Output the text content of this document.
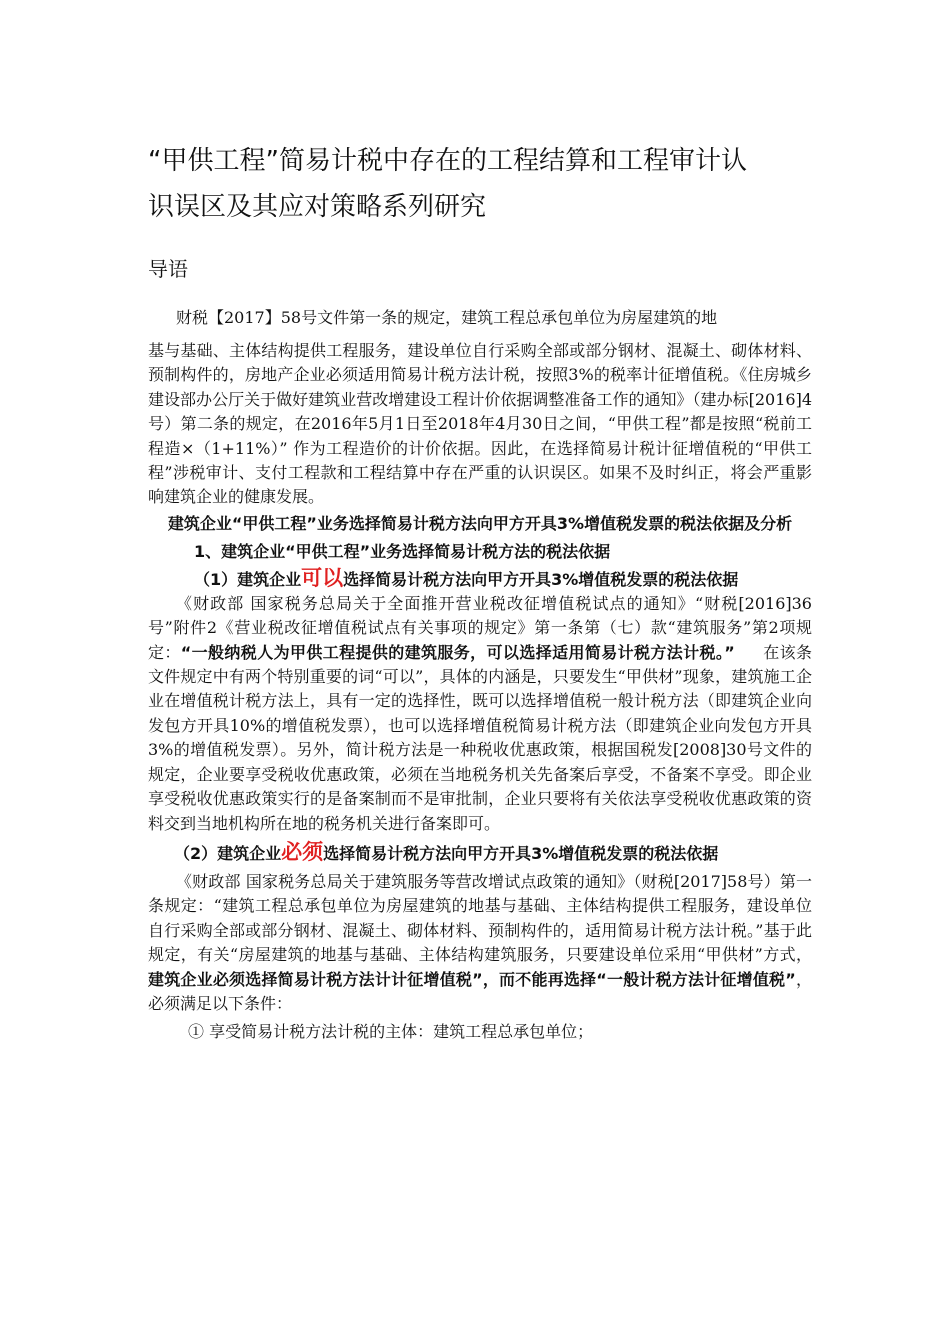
“甲供工程”简易计税中存在的工程结算和工程审计认
识误区及其应对策略系列研究
导语

财税【2017】58号文件第一条的规定，建筑工程总承包单位为房屋建筑的地
基与基础、主体结构提供工程服务，建设单位自行采购全部或部分钢材、混凝土、砌体材料、预制构件的，房地产企业必须适用简易计税方法计税，按照3%的税率计征增值税。《住房城乡建设部办公厅关于做好建筑业营改增建设工程计价依据调整准备工作的通知》（建办标[2016]4号）第二条的规定，在2016年5月1日至2018年4月30日之间，“甲供工程”都是按照“税前工程造×（1+11%）” 作为工程造价的计价依据。因此，在选择简易计税计征增值税的“甲供工程”涉税审计、支付工程款和工程结算中存在严重的认识误区。如果不及时纠正，将会严重影响建筑企业的健康发展。

建筑企业“甲供工程”业务选择简易计税方法向甲方开具3%增值税发票的税法依据及分析

1、建筑企业“甲供工程”业务选择简易计税方法的税法依据

（1）建筑企业可以选择简易计税方法向甲方开具3%增值税发票的税法依据

《财政部 国家税务总局关于全面推开营业税改征增值税试点的通知》“财税[2016]36号”附件2《营业税改征增值税试点有关事项的规定》第一条第（七）款“建筑服务”第2项规定：“一般纳税人为甲供工程提供的建筑服务，可以选择适用简易计税方法计税。” 在该条文件规定中有两个特别重要的词“可以”，具体的内涵是，只要发生“甲供材”现象，建筑施工企业在增值税计税方法上，具有一定的选择性，既可以选择增值税一般计税方法（即建筑企业向发包方开具10%的增值税发票），也可以选择增值税简易计税方法（即建筑企业向发包方开具3%的增值税发票）。另外，简计税方法是一种税收优惠政策，根据国税发[2008]30号文件的规定，企业要享受税收优惠政策，必须在当地税务机关先备案后享受，不备案不享受。即企业享受税收优惠政策实行的是备案制而不是审批制，企业只要将有关依法享受税收优惠政策的资料交到当地机构所在地的税务机关进行备案即可。

（2）建筑企业必须选择简易计税方法向甲方开具3%增值税发票的税法依据

《财政部 国家税务总局关于建筑服务等营改增试点政策的通知》（财税[2017]58号）第一条规定：“建筑工程总承包单位为房屋建筑的地基与基础、主体结构提供工程服务，建设单位自行采购全部或部分钢材、混凝土、砌体材料、预制构件的，适用简易计税方法计税。”基于此规定，有关“房屋建筑的地基与基础、主体结构建筑服务，只要建设单位采用“甲供材”方式，建筑企业必须选择简易计税方法计计征增值税”，而不能再选择“一般计税方法计征增值税”，必须满足以下条件：

① 享受简易计税方法计税的主体：建筑工程总承包单位；
